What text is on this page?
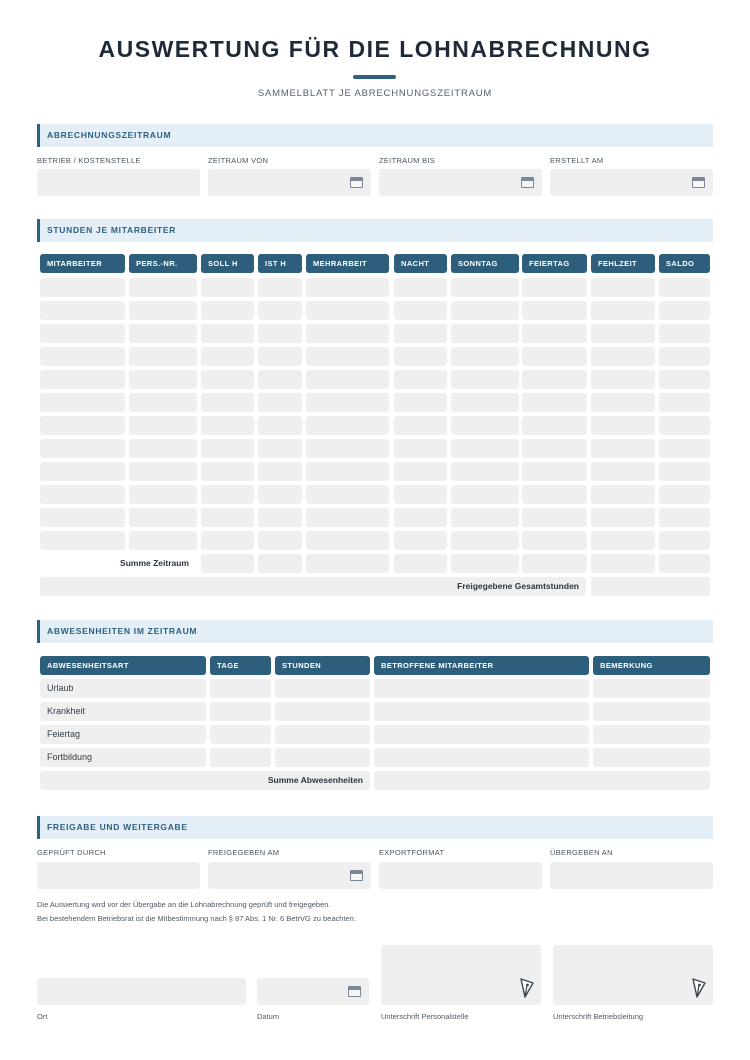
AUSWERTUNG FÜR DIE LOHNABRECHNUNG
SAMMELBLATT JE ABRECHNUNGSZEITRAUM
ABRECHNUNGSZEITRAUM
BETRIEB / KOSTENSTELLE	ZEITRAUM VON	ZEITRAUM BIS	ERSTELLT AM
STUNDEN JE MITARBEITER
MITARBEITER	PERS.-NR.	SOLL H	IST H	MEHRARBEIT	NACHT	SONNTAG	FEIERTAG	FEHLZEIT	SALDO
Summe Zeitraum
Freigegebene Gesamtstunden
ABWESENHEITEN IM ZEITRAUM
ABWESENHEITSART	TAGE	STUNDEN	BETROFFENE MITARBEITER	BEMERKUNG
Urlaub
Krankheit
Feiertag
Fortbildung
Summe Abwesenheiten
FREIGABE UND WEITERGABE
GEPRÜFT DURCH	FREIGEGEBEN AM	EXPORTFORMAT	ÜBERGEBEN AN
Die Auswertung wird vor der Übergabe an die Lohnabrechnung geprüft und freigegeben.
Bei bestehendem Betriebsrat ist die Mitbestimmung nach § 87 Abs. 1 Nr. 6 BetrVG zu beachten.
Ort	Datum	Unterschrift Personalstelle	Unterschrift Betriebsleitung
